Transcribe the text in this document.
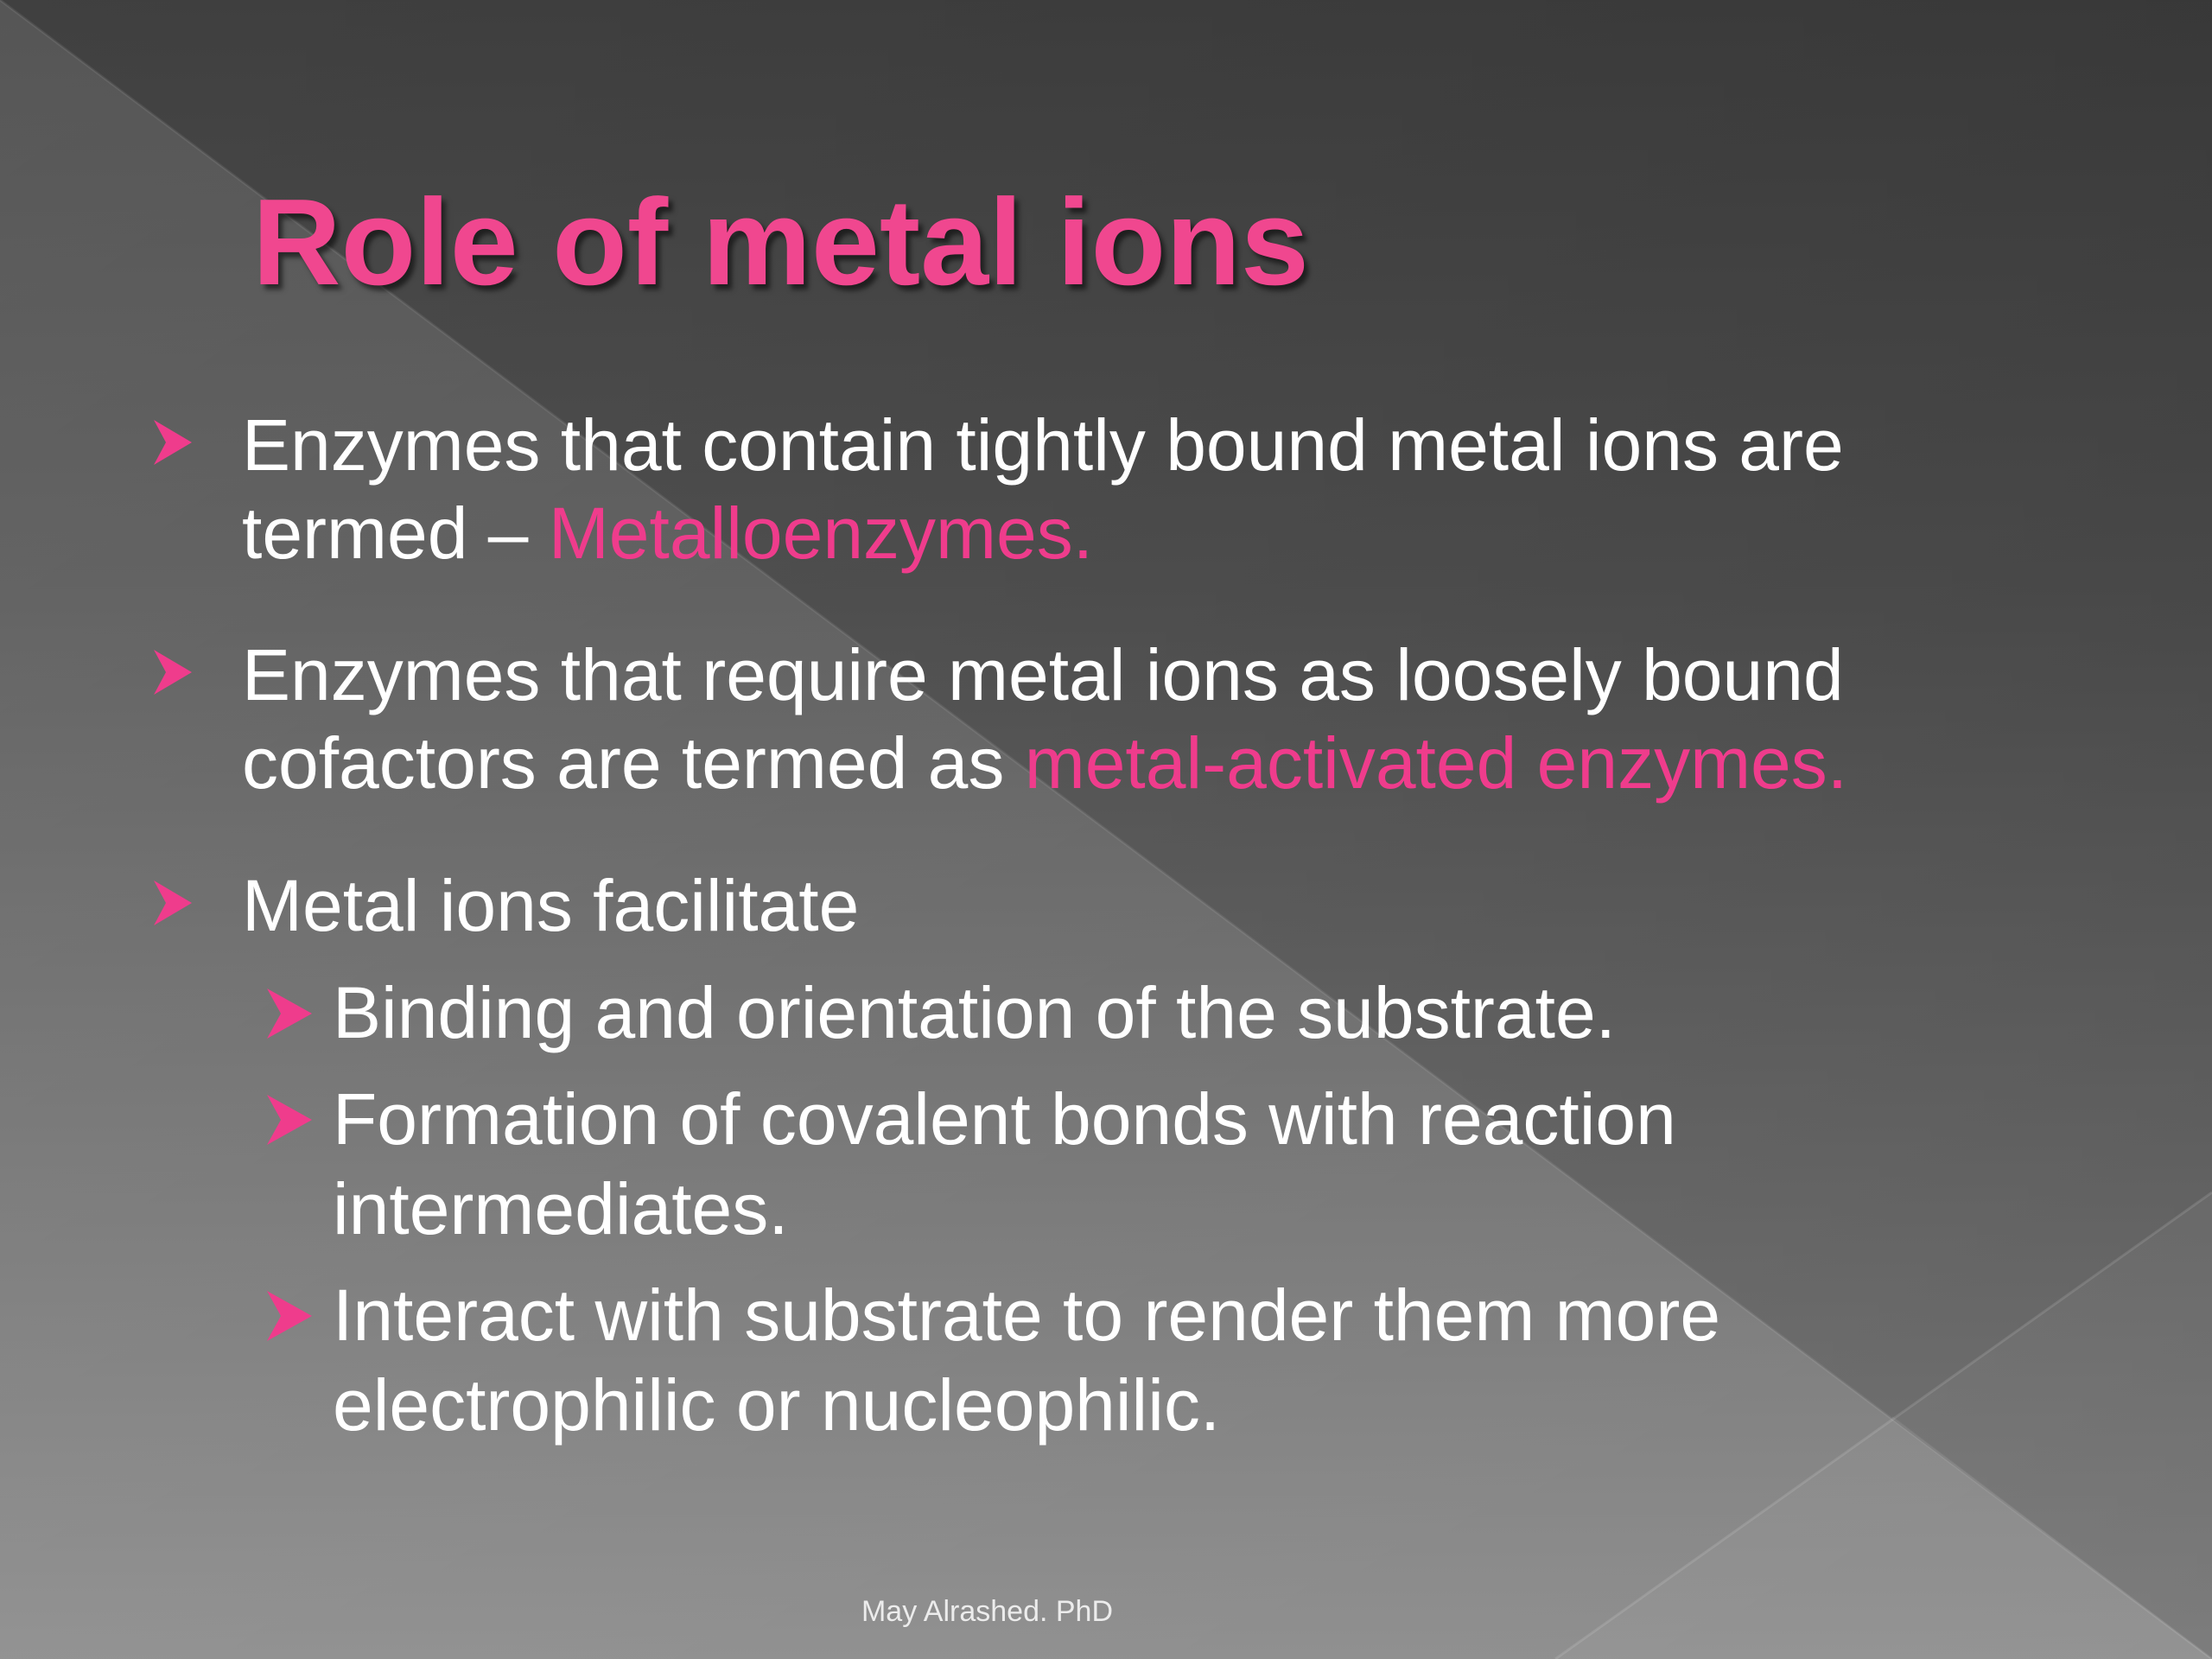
Role of metal ions
Enzymes that contain tightly bound metal ions are termed – Metalloenzymes.
Enzymes that require metal ions as loosely bound cofactors are termed as metal-activated enzymes.
Metal ions facilitate
Binding and orientation of the substrate.
Formation of covalent bonds with reaction intermediates.
Interact with substrate to render them more electrophilic or nucleophilic.
May Alrashed. PhD
